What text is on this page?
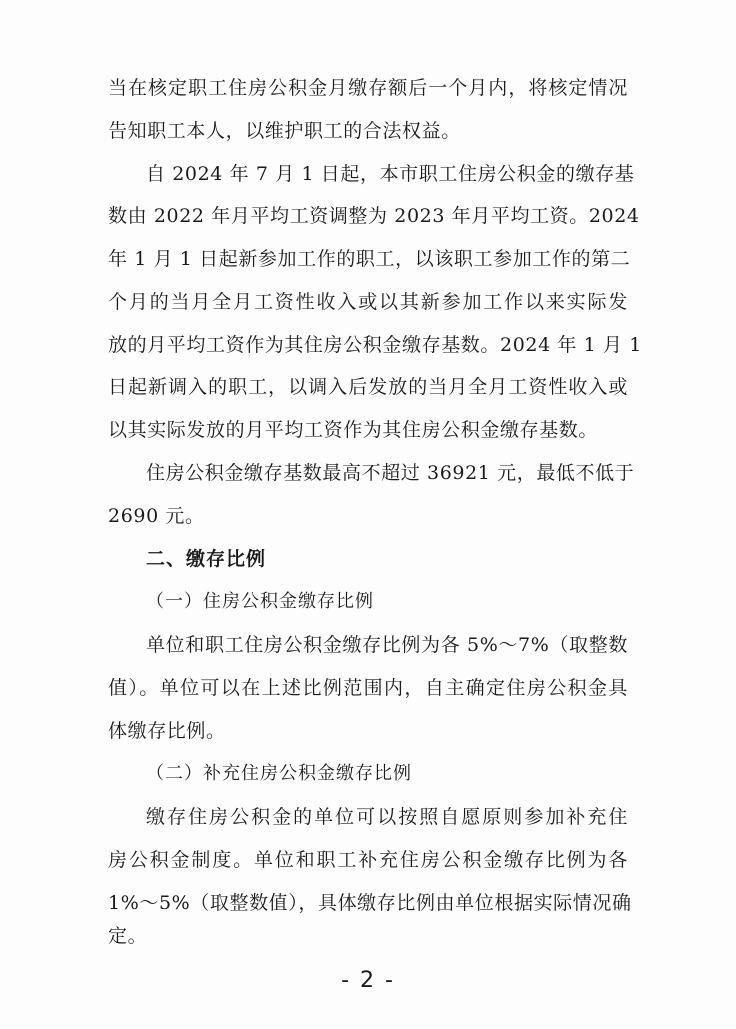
当在核定职工住房公积金月缴存额后一个月内，将核定情况
告知职工本人，以维护职工的合法权益。
自 2024 年 7 月 1 日起，本市职工住房公积金的缴存基
数由 2022 年月平均工资调整为 2023 年月平均工资。2024
年 1 月 1 日起新参加工作的职工，以该职工参加工作的第二
个月的当月全月工资性收入或以其新参加工作以来实际发
放的月平均工资作为其住房公积金缴存基数。2024 年 1 月 1
日起新调入的职工，以调入后发放的当月全月工资性收入或
以其实际发放的月平均工资作为其住房公积金缴存基数。
住房公积金缴存基数最高不超过 36921 元，最低不低于
2690 元。
二、缴存比例
（一）住房公积金缴存比例
单位和职工住房公积金缴存比例为各 5%～7%（取整数
值）。单位可以在上述比例范围内，自主确定住房公积金具
体缴存比例。
（二）补充住房公积金缴存比例
缴存住房公积金的单位可以按照自愿原则参加补充住
房公积金制度。单位和职工补充住房公积金缴存比例为各
1%～5%（取整数值），具体缴存比例由单位根据实际情况确
定。
- 2 -
